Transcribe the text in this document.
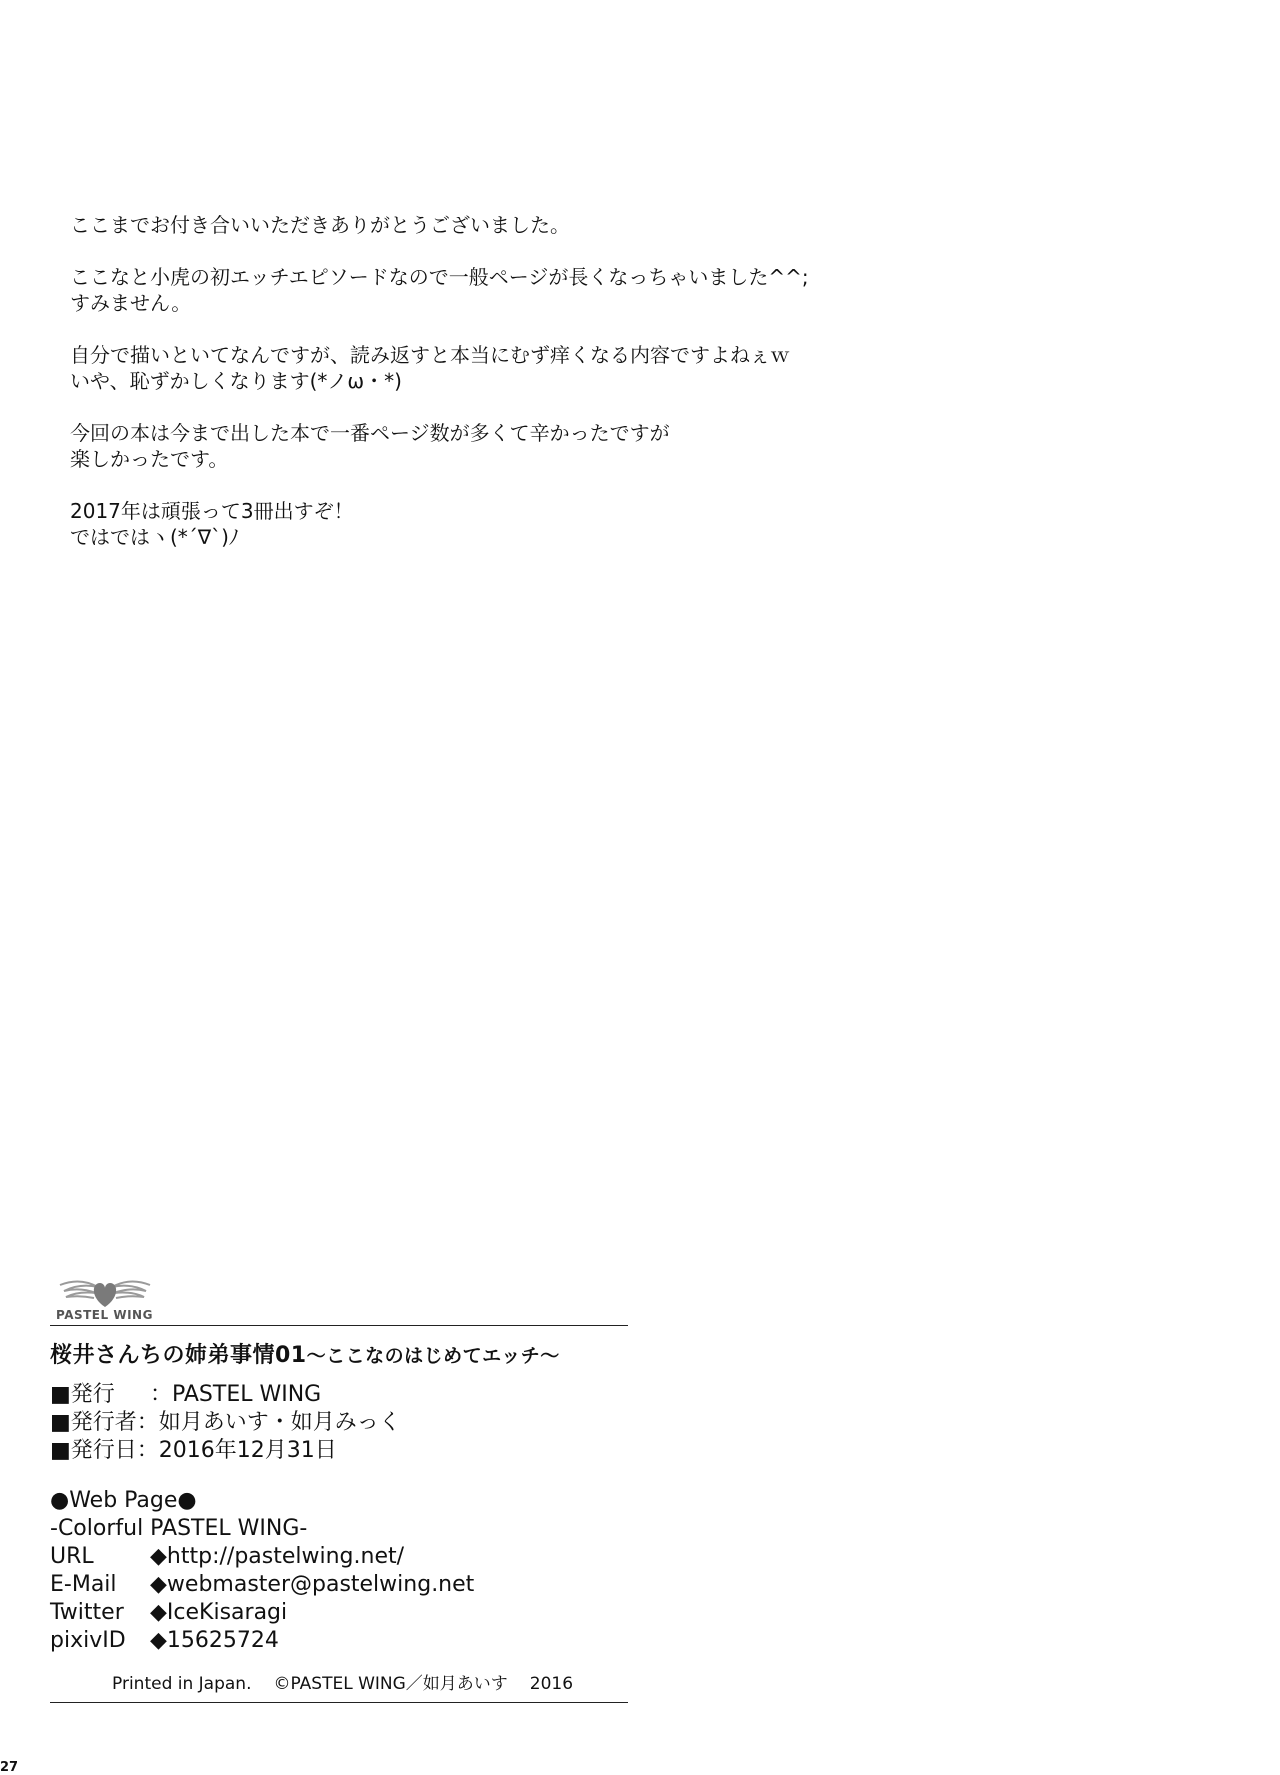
ここまでお付き合いいただきありがとうございました。

ここなと小虎の初エッチエピソードなので一般ページが長くなっちゃいました^^;
すみません。

自分で描いといてなんですが、読み返すと本当にむず痒くなる内容ですよねぇｗ
いや、恥ずかしくなります(*ノω・*)

今回の本は今まで出した本で一番ページ数が多くて辛かったですが
楽しかったです。

2017年は頑張って3冊出すぞ！
ではではヽ(*´∇`)ﾉ

PASTEL WING
桜井さんちの姉弟事情01～ここなのはじめてエッチ～
■発行 ：PASTEL WING
■発行者：如月あいす・如月みっく
■発行日：2016年12月31日
●Web Page●
-Colorful PASTEL WING-
URL	◆http://pastelwing.net/
E-Mail ◆webmaster@pastelwing.net
Twitter ◆IceKisaragi
pixivID ◆15625724
Printed in Japan. ©PASTEL WING／如月あいす 2016
27
